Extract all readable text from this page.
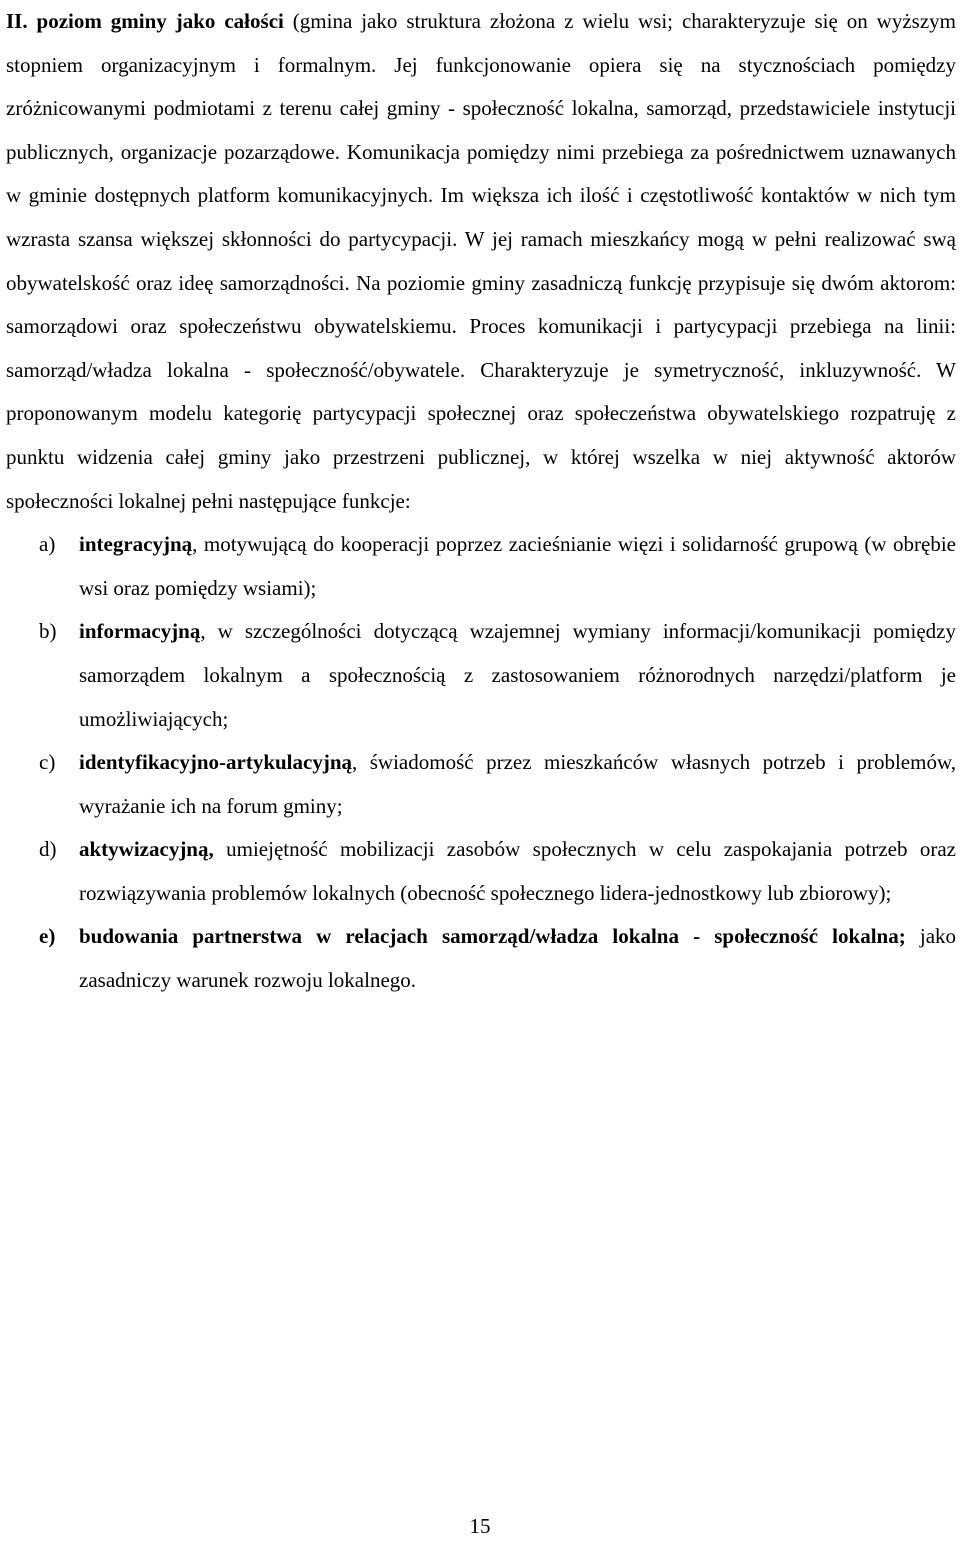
II. poziom gminy jako całości (gmina jako struktura złożona z wielu wsi; charakteryzuje się on wyższym stopniem organizacyjnym i formalnym. Jej funkcjonowanie opiera się na stycznościach pomiędzy zróżnicowanymi podmiotami z terenu całej gminy - społeczność lokalna, samorząd, przedstawiciele instytucji publicznych, organizacje pozarządowe. Komunikacja pomiędzy nimi przebiega za pośrednictwem uznawanych w gminie dostępnych platform komunikacyjnych. Im większa ich ilość i częstotliwość kontaktów w nich tym wzrasta szansa większej skłonności do partycypacji. W jej ramach mieszkańcy mogą w pełni realizować swą obywatelskość oraz ideę samorządności. Na poziomie gminy zasadniczą funkcję przypisuje się dwóm aktorom: samorządowi oraz społeczeństwu obywatelskiemu. Proces komunikacji i partycypacji przebiega na linii: samorząd/władza lokalna - społeczność/obywatele. Charakteryzuje je symetryczność, inkluzywność. W proponowanym modelu kategorię partycypacji społecznej oraz społeczeństwa obywatelskiego rozpatruję z punktu widzenia całej gminy jako przestrzeni publicznej, w której wszelka w niej aktywność aktorów społeczności lokalnej pełni następujące funkcje:

a) integracyjną, motywującą do kooperacji poprzez zacieśnianie więzi i solidarność grupową (w obrębie wsi oraz pomiędzy wsiami);
b) informacyjną, w szczególności dotyczącą wzajemnej wymiany informacji/komunikacji pomiędzy samorządem lokalnym a społecznością z zastosowaniem różnorodnych narzędzi/platform je umożliwiających;
c) identyfikacyjno-artykulacyjną, świadomość przez mieszkańców własnych potrzeb i problemów, wyrażanie ich na forum gminy;
d) aktywizacyjną, umiejętność mobilizacji zasobów społecznych w celu zaspokajania potrzeb oraz rozwiązywania problemów lokalnych (obecność społecznego lidera-jednostkowy lub zbiorowy);
e) budowania partnerstwa w relacjach samorząd/władza lokalna - społeczność lokalna; jako zasadniczy warunek rozwoju lokalnego.
15
